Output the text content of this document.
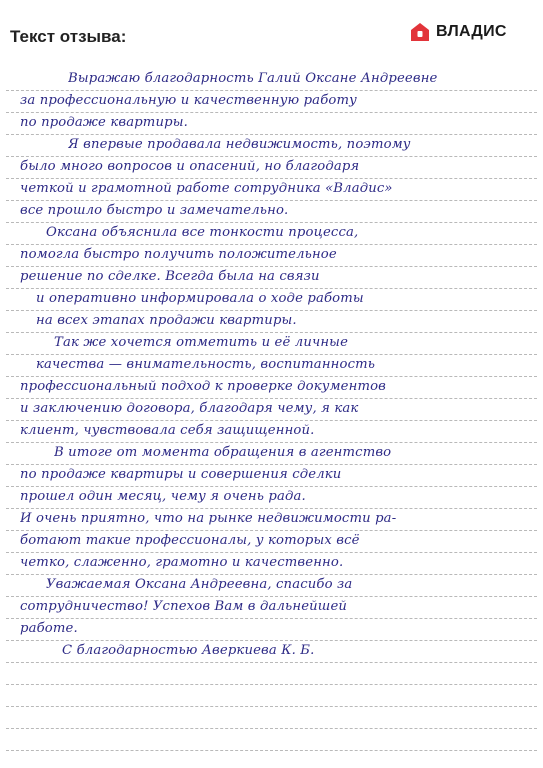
Текст отзыва:	ВЛАДИС
Выражаю благодарность Галий Оксане Андреевне
за профессиональную и качественную работу
по продаже квартиры.
Я впервые продавала недвижимость, поэтому
было много вопросов и опасений, но благодаря
четкой и грамотной работе сотрудника «Владис»
все прошло быстро и замечательно.
Оксана объяснила все тонкости процесса,
помогла быстро получить положительное
решение по сделке. Всегда была на связи
и оперативно информировала о ходе работы
на всех этапах продажи квартиры.
Так же хочется отметить и её личные
качества — внимательность, воспитанность
профессиональный подход к проверке документов
и заключению договора, благодаря чему, я как
клиент, чувствовала себя защищенной.
В итоге от момента обращения в агентство
по продаже квартиры и совершения сделки
прошел один месяц, чему я очень рада.
И очень приятно, что на рынке недвижимости ра-
ботают такие профессионалы, у которых всё
четко, слаженно, грамотно и качественно.
Уважаемая Оксана Андреевна, спасибо за
сотрудничество! Успехов Вам в дальнейшей
работе.
С благодарностью Аверкиева К. Б.
